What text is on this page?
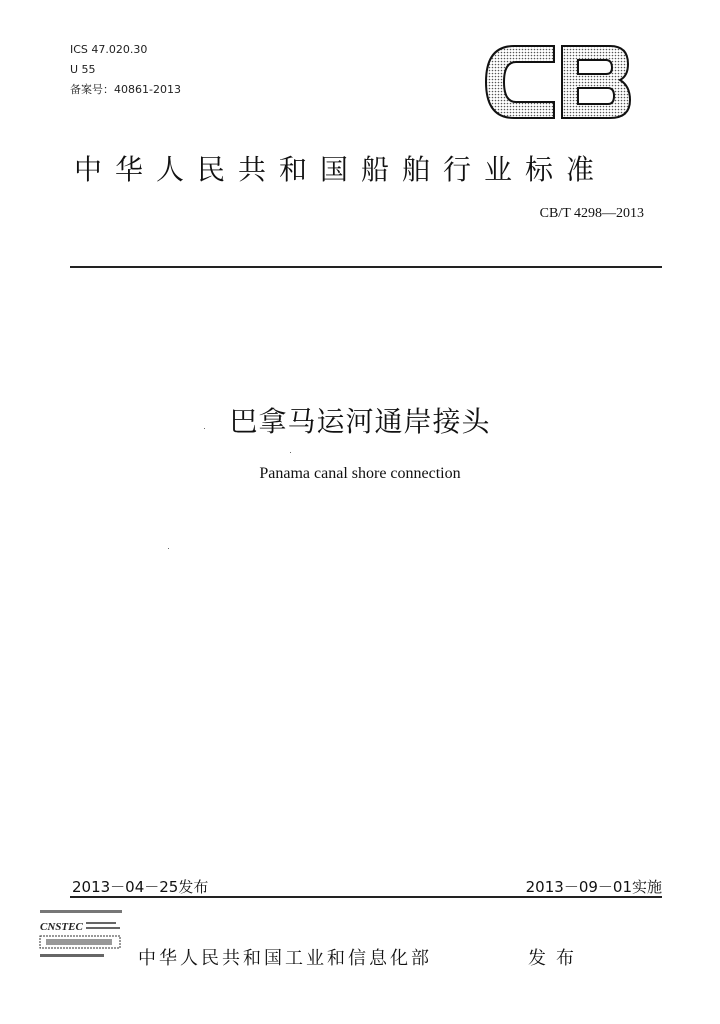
ICS 47.020.30
U 55
备案号：40861-2013
中华人民共和国船舶行业标准
CB/T 4298—2013
巴拿马运河通岸接头
Panama canal shore connection
2013－04－25发布	2013－09－01实施
CNSTEC
中华人民共和国工业和信息化部	发布
